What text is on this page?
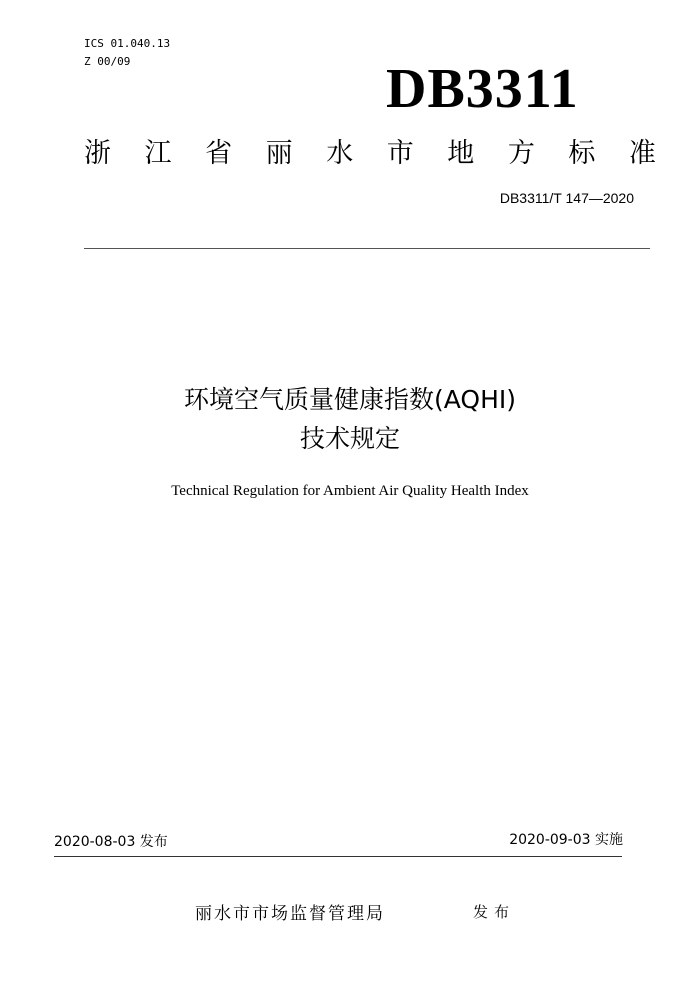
ICS 01.040.13
Z 00/09	DB3311
浙 江 省 丽 水 市 地 方 标 准
DB3311/T 147—2020
环境空气质量健康指数(AQHI)
技术规定
Technical Regulation for Ambient Air Quality Health Index
2020-08-03 发布	2020-09-03 实施
丽水市市场监督管理局	发布
